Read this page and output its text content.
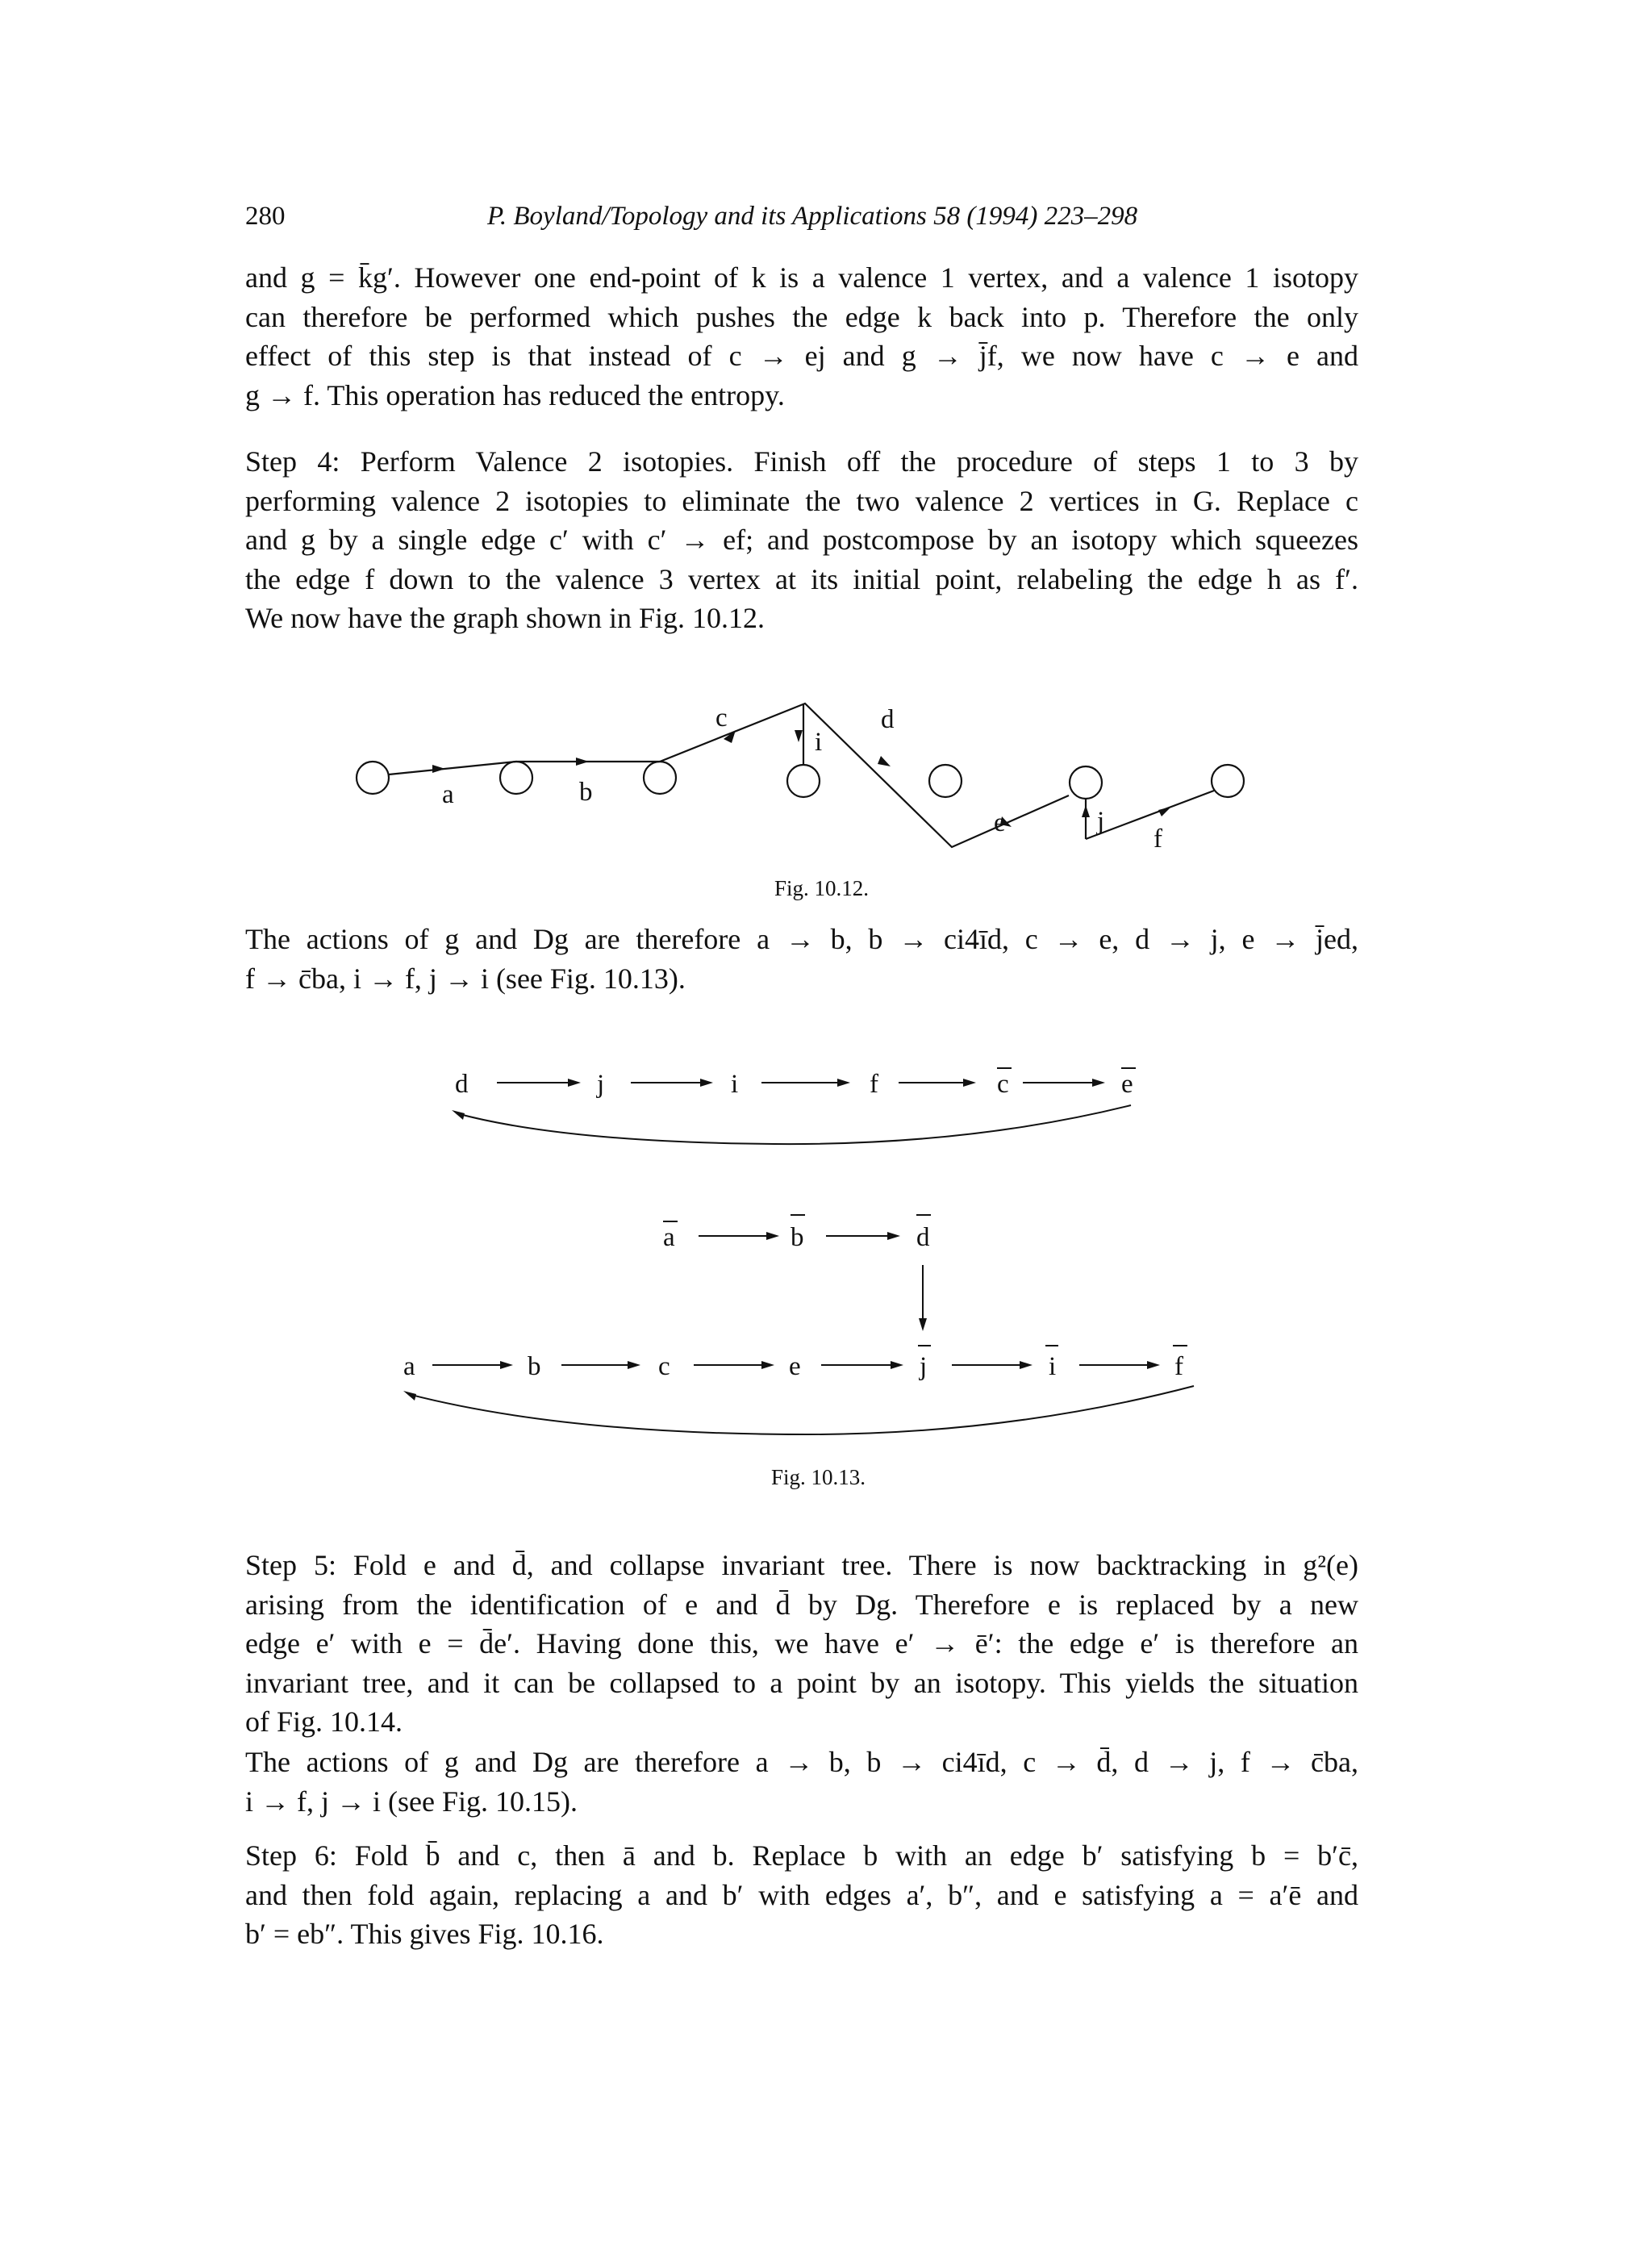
280	P. Boyland/Topology and its Applications 58 (1994) 223–298
and g = k̄g′. However one end-point of k is a valence 1 vertex, and a valence 1 isotopy
can therefore be performed which pushes the edge k back into p. Therefore the only
effect of this step is that instead of c → ej and g → j̄f, we now have c → e and
g → f. This operation has reduced the entropy.
Step 4: Perform Valence 2 isotopies. Finish off the procedure of steps 1 to 3 by
performing valence 2 isotopies to eliminate the two valence 2 vertices in G. Replace c
and g by a single edge c′ with c′ → ef; and postcompose by an isotopy which squeezes
the edge f down to the valence 3 vertex at its initial point, relabeling the edge h as f′.
We now have the graph shown in Fig. 10.12.
a	b
c
i
d
e	j
f
Fig. 10.12.
The actions of g and Dg are therefore a → b, b → ci4īd, c → e, d → j, e → j̄ed,
f → c̄ba, i → f, j → i (see Fig. 10.13).
d	j	i	f	c	e
a	b	d
a	b	c	e	j	i	f
Fig. 10.13.
Step 5: Fold e and d̄, and collapse invariant tree. There is now backtracking in g²(e)
arising from the identification of e and d̄ by Dg. Therefore e is replaced by a new
edge e′ with e = d̄e′. Having done this, we have e′ → ē′: the edge e′ is therefore an
invariant tree, and it can be collapsed to a point by an isotopy. This yields the situation
of Fig. 10.14.
The actions of g and Dg are therefore a → b, b → ci4īd, c → d̄, d → j, f → c̄ba,
i → f, j → i (see Fig. 10.15).
Step 6: Fold b̄ and c, then ā and b. Replace b with an edge b′ satisfying b = b′c̄,
and then fold again, replacing a and b′ with edges a′, b″, and e satisfying a = a′ē and
b′ = eb″. This gives Fig. 10.16.
